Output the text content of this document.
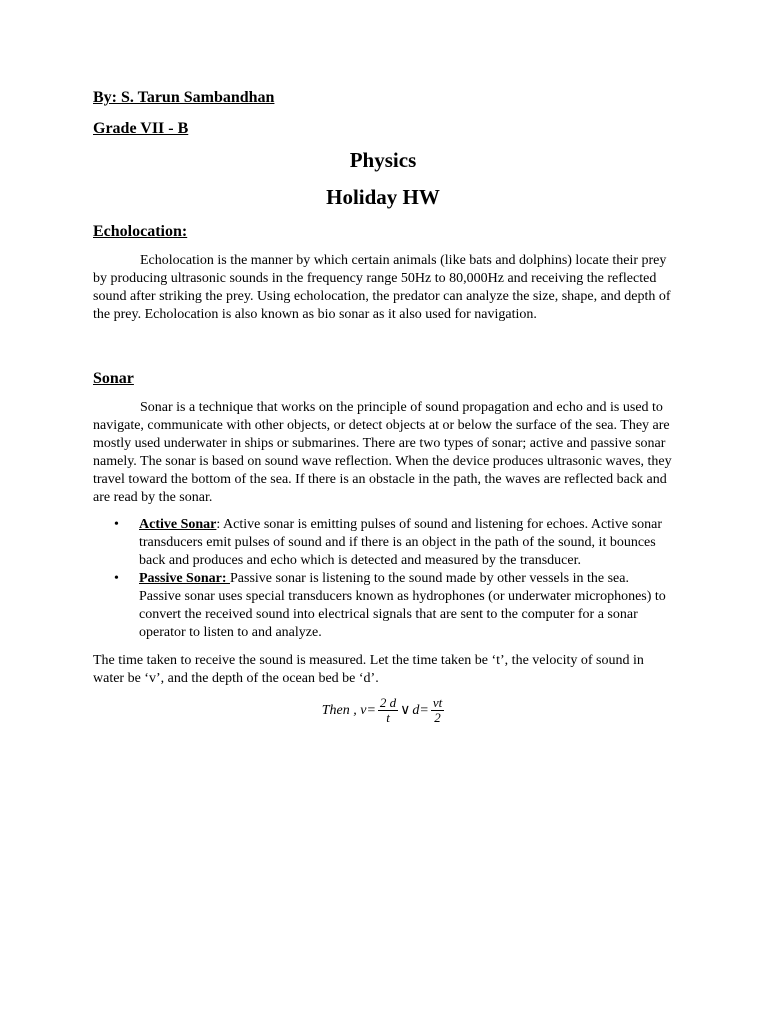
By: S. Tarun Sambandhan

Grade VII - B

Physics

Holiday HW

Echolocation:

Echolocation is the manner by which certain animals (like bats and dolphins) locate their prey by producing ultrasonic sounds in the frequency range 50Hz to 80,000Hz and receiving the reflected sound after striking the prey. Using echolocation, the predator can analyze the size, shape, and depth of the prey. Echolocation is also known as bio sonar as it also used for navigation.

Sonar

Sonar is a technique that works on the principle of sound propagation and echo and is used to navigate, communicate with other objects, or detect objects at or below the surface of the sea. They are mostly used underwater in ships or submarines. There are two types of sonar; active and passive sonar namely. The sonar is based on sound wave reflection. When the device produces ultrasonic waves, they travel toward the bottom of the sea. If there is an obstacle in the path, the waves are reflected back and are read by the sonar.

• Active Sonar: Active sonar is emitting pulses of sound and listening for echoes. Active sonar transducers emit pulses of sound and if there is an object in the path of the sound, it bounces back and produces and echo which is detected and measured by the transducer.
• Passive Sonar: Passive sonar is listening to the sound made by other vessels in the sea. Passive sonar uses special transducers known as hydrophones (or underwater microphones) to convert the received sound into electrical signals that are sent to the computer for a sonar operator to listen to and analyze.

The time taken to receive the sound is measured. Let the time taken be ‘t’, the velocity of sound in water be ‘v’, and the depth of the ocean bed be ‘d’.

Then , $v= \frac{2 d}{t}$ ∨ $d= \frac{vt}{2}$
